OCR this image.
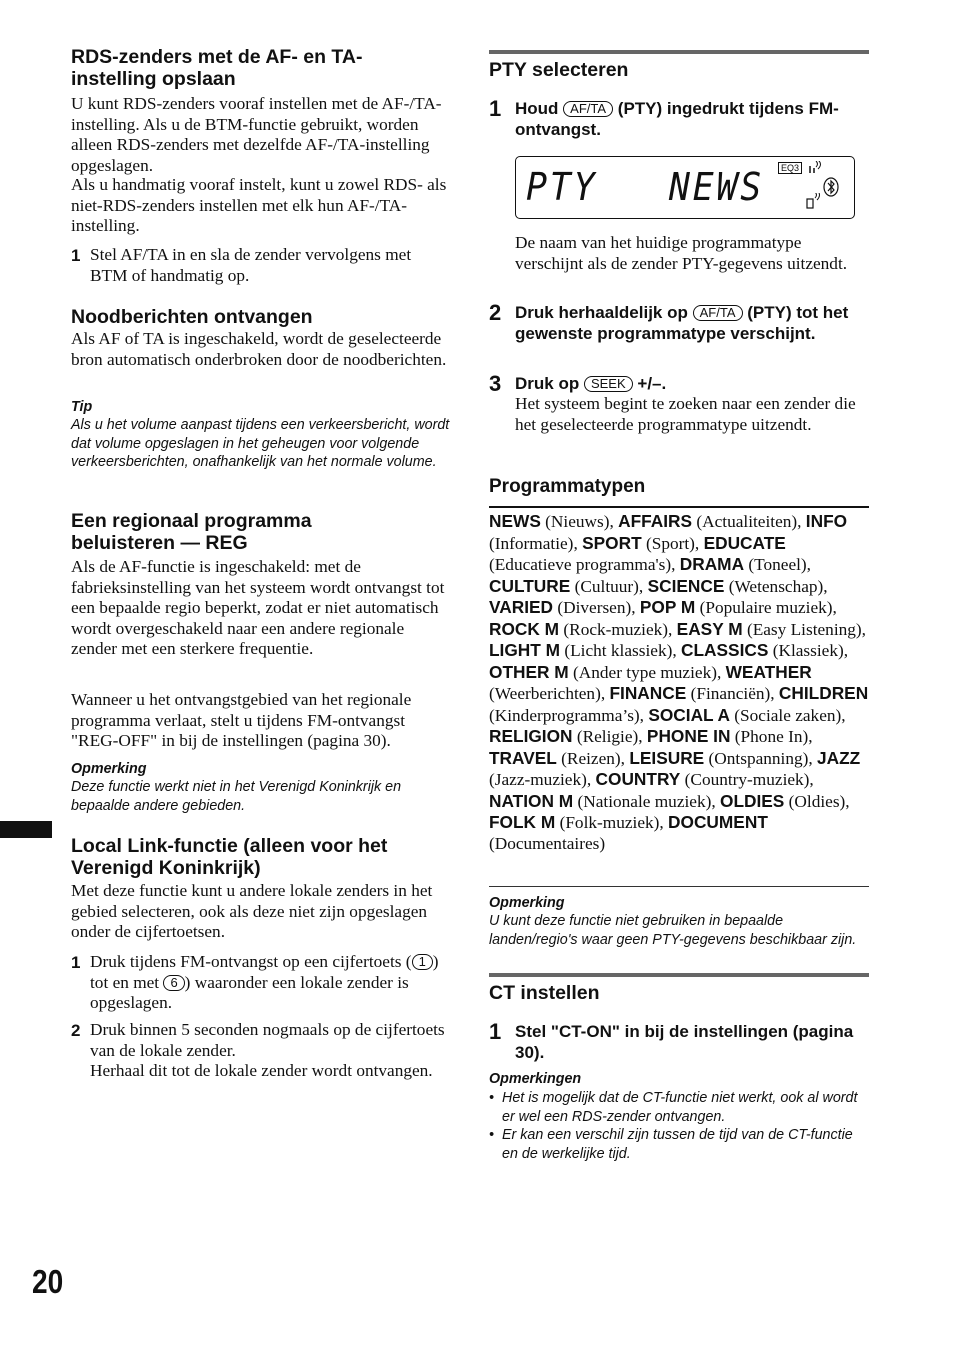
RDS-zenders met de AF- en TA-instelling opslaan

U kunt RDS-zenders vooraf instellen met de AF-/TA-instelling. Als u de BTM-functie gebruikt, worden alleen RDS-zenders met dezelfde AF-/TA-instelling opgeslagen.

Als u handmatig vooraf instelt, kunt u zowel RDS- als niet-RDS-zenders instellen met elk hun AF-/TA-instelling.

1 Stel AF/TA in en sla de zender vervolgens met BTM of handmatig op.

Noodberichten ontvangen

Als AF of TA is ingeschakeld, wordt de geselecteerde bron automatisch onderbroken door de noodberichten.

Tip

Als u het volume aanpast tijdens een verkeersbericht, wordt dat volume opgeslagen in het geheugen voor volgende verkeersberichten, onafhankelijk van het normale volume.

Een regionaal programma beluisteren — REG

Als de AF-functie is ingeschakeld: met de fabrieksinstelling van het systeem wordt ontvangst tot een bepaalde regio beperkt, zodat er niet automatisch wordt overgeschakeld naar een andere regionale zender met een sterkere frequentie.

Wanneer u het ontvangstgebied van het regionale programma verlaat, stelt u tijdens FM-ontvangst "REG-OFF" in bij de instellingen (pagina 30).

Opmerking

Deze functie werkt niet in het Verenigd Koninkrijk en bepaalde andere gebieden.

Local Link-functie (alleen voor het Verenigd Koninkrijk)

Met deze functie kunt u andere lokale zenders in het gebied selecteren, ook als deze niet zijn opgeslagen onder de cijfertoetsen.

1 Druk tijdens FM-ontvangst op een cijfertoets ( 1 ) tot en met 6 ) waaronder een lokale zender is opgeslagen.

2 Druk binnen 5 seconden nogmaals op de cijfertoets van de lokale zender.

Herhaal dit tot de lokale zender wordt ontvangen.

PTY selecteren
1 Houd AF/TA (PTY) ingedrukt tijdens FM-ontvangst.
PTY   NEWS	EQ3

De naam van het huidige programmatype verschijnt als de zender PTY-gegevens uitzendt.

2 Druk herhaaldelijk op AF/TA (PTY) tot het gewenste programmatype verschijnt.
3 Druk op SEEK +/–.

Het systeem begint te zoeken naar een zender die het geselecteerde programmatype uitzendt.

Programmatypen

NEWS (Nieuws), AFFAIRS (Actualiteiten), INFO (Informatie), SPORT (Sport), EDUCATE (Educatieve programma's), DRAMA (Toneel), CULTURE (Cultuur), SCIENCE (Wetenschap), VARIED (Diversen), POP M (Populaire muziek), ROCK M (Rock-muziek), EASY M (Easy Listening), LIGHT M (Licht klassiek), CLASSICS (Klassiek), OTHER M (Ander type muziek), WEATHER (Weerberichten), FINANCE (Financiën), CHILDREN (Kinderprogramma’s), SOCIAL A (Sociale zaken), RELIGION (Religie), PHONE IN (Phone In), TRAVEL (Reizen), LEISURE (Ontspanning), JAZZ (Jazz-muziek), COUNTRY (Country-muziek), NATION M (Nationale muziek), OLDIES (Oldies), FOLK M (Folk-muziek), DOCUMENT (Documentaires)

Opmerking

U kunt deze functie niet gebruiken in bepaalde landen/regio's waar geen PTY-gegevens beschikbaar zijn.

CT instellen
1 Stel "CT-ON" in bij de instellingen (pagina 30).

Opmerkingen

• Het is mogelijk dat de CT-functie niet werkt, ook al wordt er wel een RDS-zender ontvangen.

• Er kan een verschil zijn tussen de tijd van de CT-functie en de werkelijke tijd.

20
